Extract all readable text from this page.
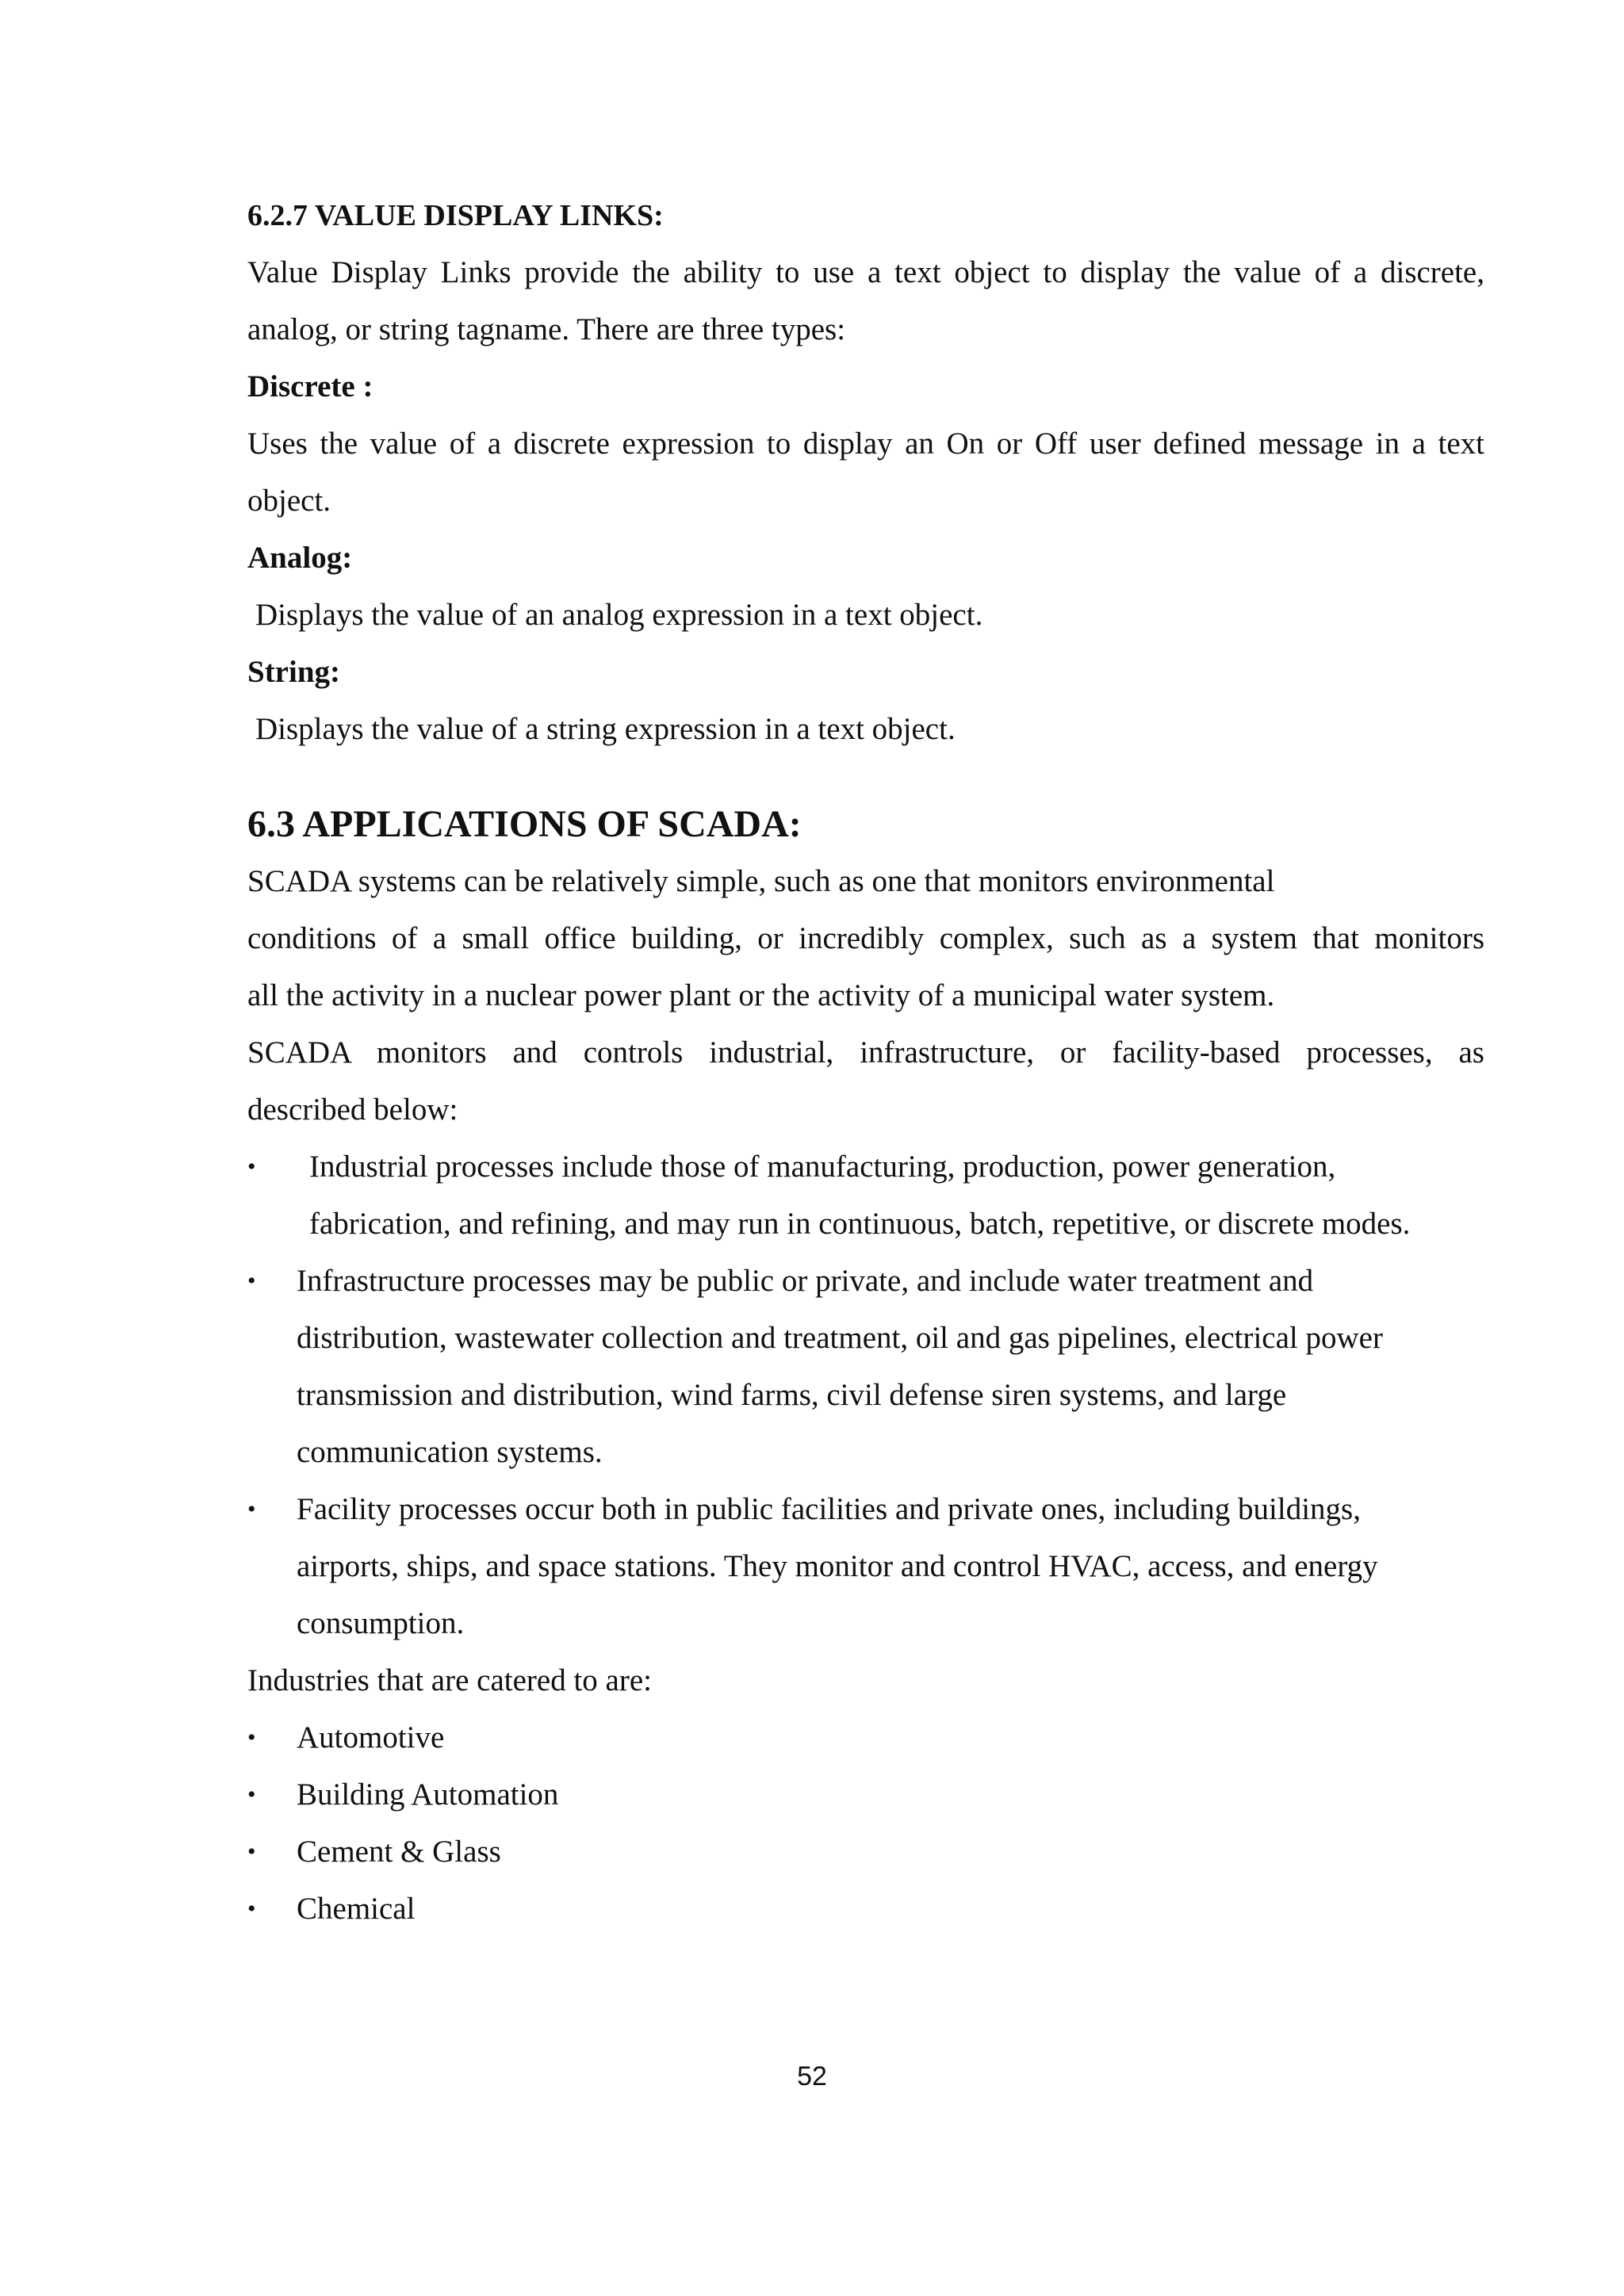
6.2.7 VALUE DISPLAY LINKS:

Value Display Links provide the ability to use a text object to display the value of a discrete,

analog, or string tagname. There are three types:

Discrete :

Uses the value of a discrete expression to display an On or Off user defined message in a text

object.

Analog:

Displays the value of an analog expression in a text object.

String:

Displays the value of a string expression in a text object.

6.3 APPLICATIONS OF SCADA:

SCADA systems can be relatively simple, such as one that monitors environmental

conditions of a small office building, or incredibly complex, such as a system that monitors

all the activity in a nuclear power plant or the activity of a municipal water system.

SCADA monitors and controls industrial, infrastructure, or facility-based processes, as

described below:

•	Industrial processes include those of manufacturing, production, power generation,
fabrication, and refining, and may run in continuous, batch, repetitive, or discrete modes.
•	Infrastructure processes may be public or private, and include water treatment and
distribution, wastewater collection and treatment, oil and gas pipelines, electrical power
transmission and distribution, wind farms, civil defense siren systems, and large
communication systems.
•	Facility processes occur both in public facilities and private ones, including buildings,
airports, ships, and space stations. They monitor and control HVAC, access, and energy
consumption.

Industries that are catered to are:

•	Automotive
•	Building Automation
•	Cement & Glass
•	Chemical
52
